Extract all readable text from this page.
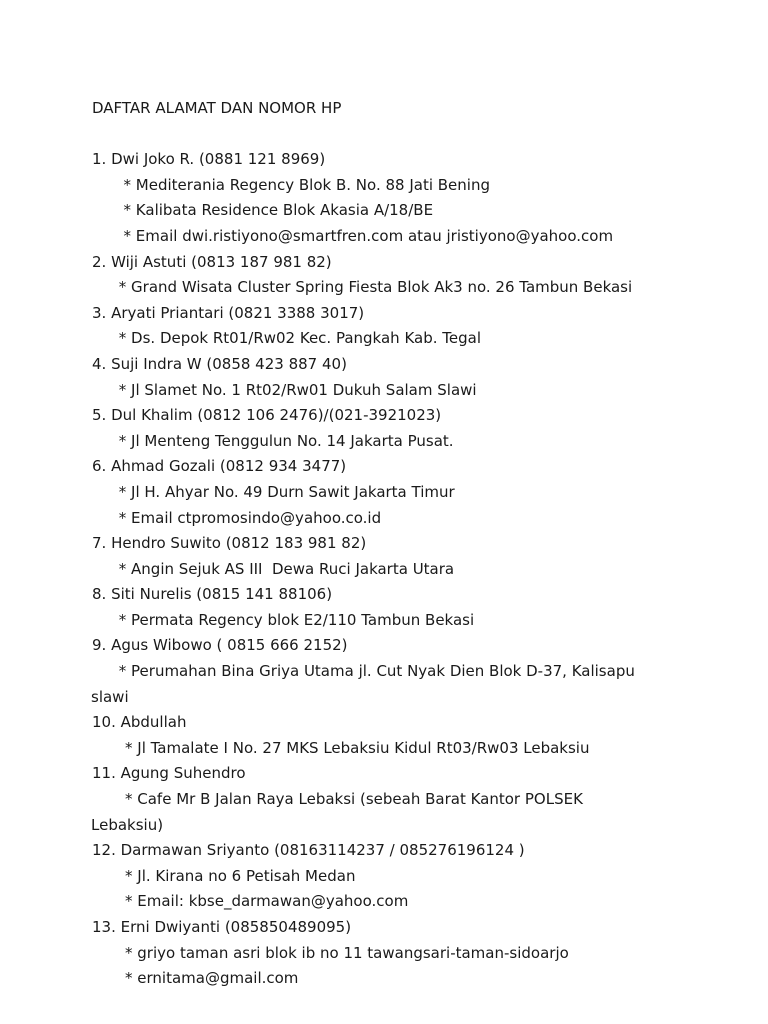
DAFTAR ALAMAT DAN NOMOR HP
1. Dwi Joko R. (0881 121 8969)
* Mediterania Regency Blok B. No. 88 Jati Bening
* Kalibata Residence Blok Akasia A/18/BE
* Email dwi.ristiyono@smartfren.com atau jristiyono@yahoo.com
2. Wiji Astuti (0813 187 981 82)
* Grand Wisata Cluster Spring Fiesta Blok Ak3 no. 26 Tambun Bekasi
3. Aryati Priantari (0821 3388 3017)
* Ds. Depok Rt01/Rw02 Kec. Pangkah Kab. Tegal
4. Suji Indra W (0858 423 887 40)
* Jl Slamet No. 1 Rt02/Rw01 Dukuh Salam Slawi
5. Dul Khalim (0812 106 2476)/(021-3921023)
* Jl Menteng Tenggulun No. 14 Jakarta Pusat.
6. Ahmad Gozali (0812 934 3477)
* Jl H. Ahyar No. 49 Durn Sawit Jakarta Timur
* Email ctpromosindo@yahoo.co.id
7. Hendro Suwito (0812 183 981 82)
* Angin Sejuk AS III  Dewa Ruci Jakarta Utara
8. Siti Nurelis (0815 141 88106)
* Permata Regency blok E2/110 Tambun Bekasi
9. Agus Wibowo ( 0815 666 2152)
* Perumahan Bina Griya Utama jl. Cut Nyak Dien Blok D-37, Kalisapu
slawi
10. Abdullah
* Jl Tamalate I No. 27 MKS Lebaksiu Kidul Rt03/Rw03 Lebaksiu
11. Agung Suhendro
* Cafe Mr B Jalan Raya Lebaksi (sebeah Barat Kantor POLSEK
Lebaksiu)
12. Darmawan Sriyanto (08163114237 / 085276196124 )
* Jl. Kirana no 6 Petisah Medan
* Email: kbse_darmawan@yahoo.com
13. Erni Dwiyanti (085850489095)
* griyo taman asri blok ib no 11 tawangsari-taman-sidoarjo
* ernitama@gmail.com
